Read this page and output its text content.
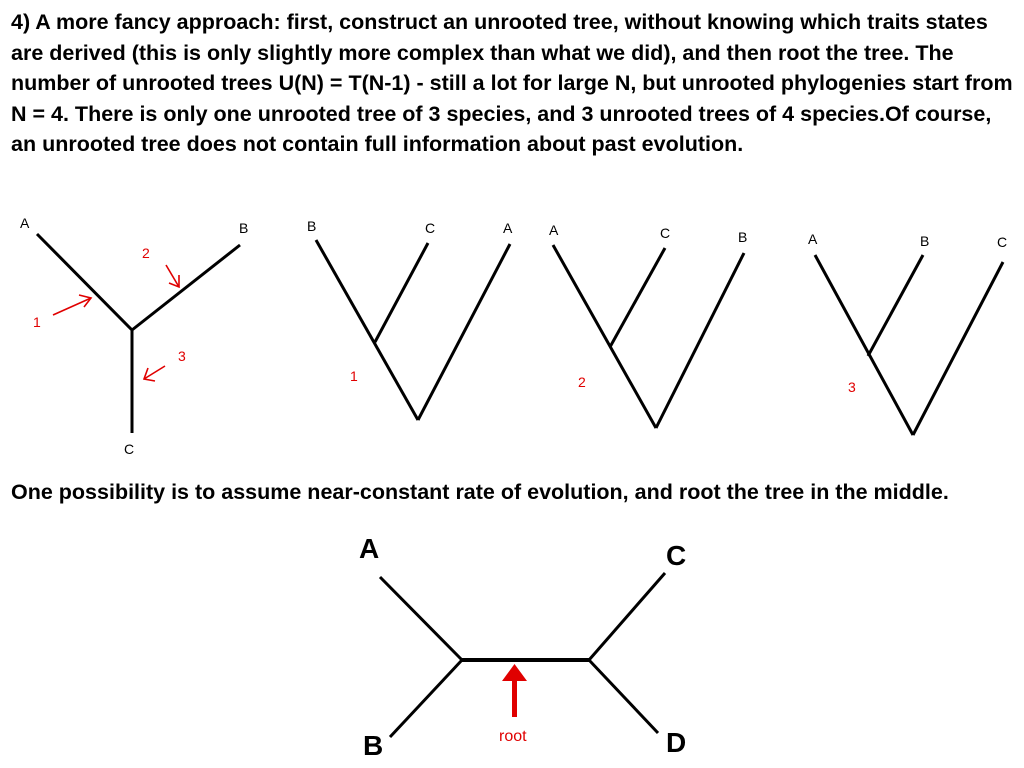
4) A more fancy approach: first, construct an unrooted tree, without knowing which traits states are derived (this is only slightly more complex than what we did), and then root the tree. The number of unrooted trees U(N) = T(N-1) - still a lot for large N, but unrooted phylogenies start from N = 4. There is only one unrooted tree of 3 species, and 3 unrooted trees of 4 species.Of course, an unrooted tree does not contain full information about past evolution.

A	B
C
1
2
3
B	C	A
1
A	C	B
2
A	B	C
3

One possibility is to assume near-constant rate of evolution, and root the tree in the middle.

A	C
B	D
root
